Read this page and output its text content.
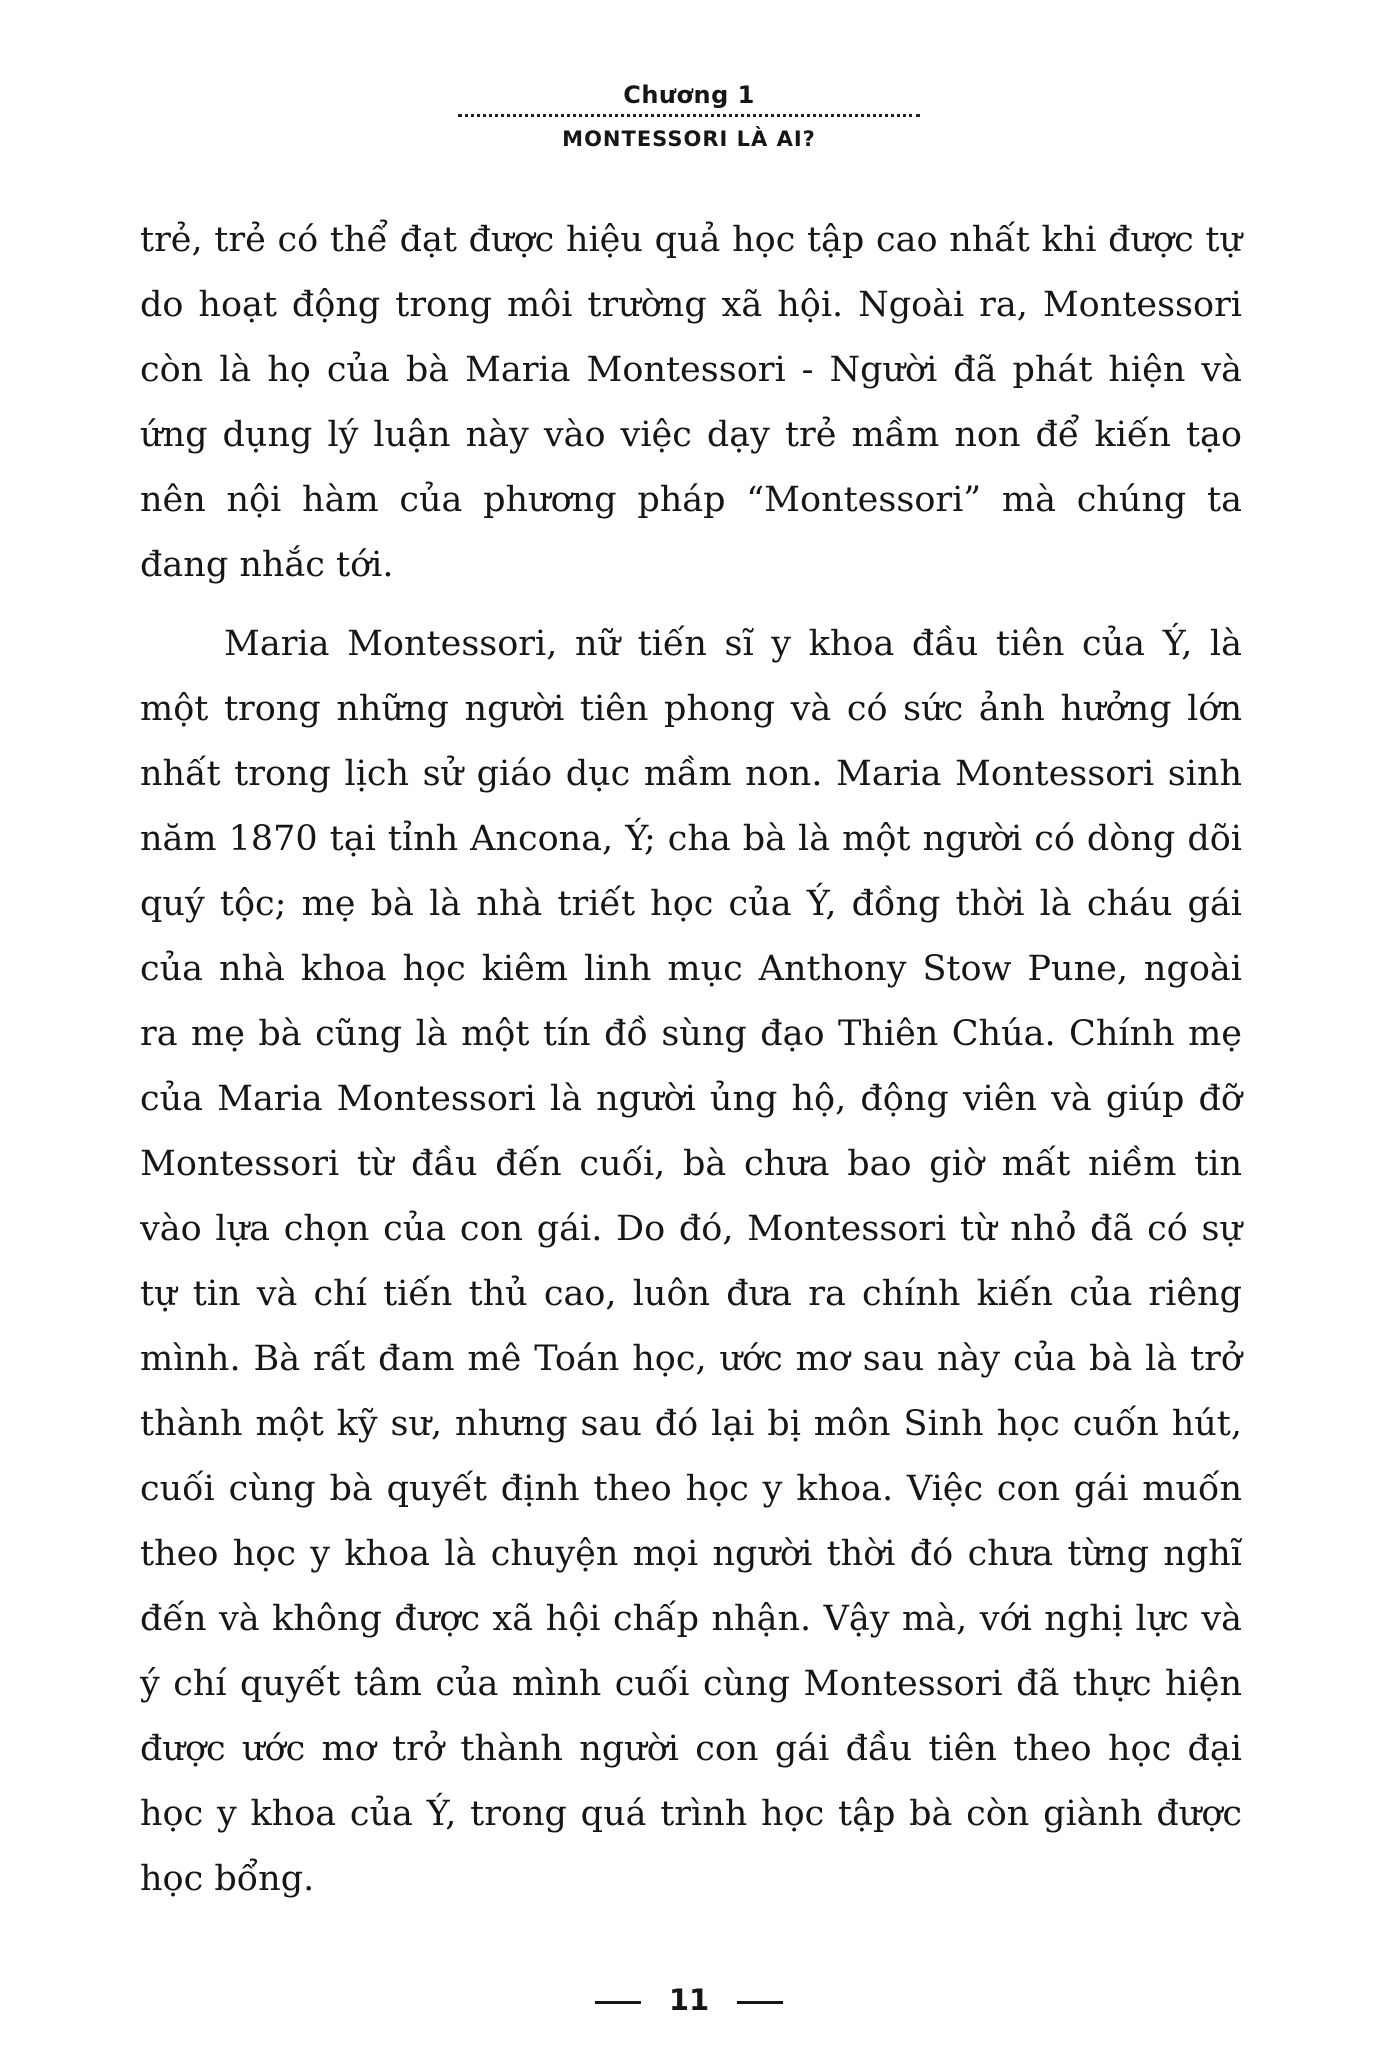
Chương 1
MONTESSORI LÀ AI?

trẻ, trẻ có thể đạt được hiệu quả học tập cao nhất khi được tự do hoạt động trong môi trường xã hội. Ngoài ra, Montessori còn là họ của bà Maria Montessori - Người đã phát hiện và ứng dụng lý luận này vào việc dạy trẻ mầm non để kiến tạo nên nội hàm của phương pháp “Montessori” mà chúng ta đang nhắc tới.

Maria Montessori, nữ tiến sĩ y khoa đầu tiên của Ý, là một trong những người tiên phong và có sức ảnh hưởng lớn nhất trong lịch sử giáo dục mầm non. Maria Montessori sinh năm 1870 tại tỉnh Ancona, Ý; cha bà là một người có dòng dõi quý tộc; mẹ bà là nhà triết học của Ý, đồng thời là cháu gái của nhà khoa học kiêm linh mục Anthony Stow Pune, ngoài ra mẹ bà cũng là một tín đồ sùng đạo Thiên Chúa. Chính mẹ của Maria Montessori là người ủng hộ, động viên và giúp đỡ Montessori từ đầu đến cuối, bà chưa bao giờ mất niềm tin vào lựa chọn của con gái. Do đó, Montessori từ nhỏ đã có sự tự tin và chí tiến thủ cao, luôn đưa ra chính kiến của riêng mình. Bà rất đam mê Toán học, ước mơ sau này của bà là trở thành một kỹ sư, nhưng sau đó lại bị môn Sinh học cuốn hút, cuối cùng bà quyết định theo học y khoa. Việc con gái muốn theo học y khoa là chuyện mọi người thời đó chưa từng nghĩ đến và không được xã hội chấp nhận. Vậy mà, với nghị lực và ý chí quyết tâm của mình cuối cùng Montessori đã thực hiện được ước mơ trở thành người con gái đầu tiên theo học đại học y khoa của Ý, trong quá trình học tập bà còn giành được học bổng.

11
